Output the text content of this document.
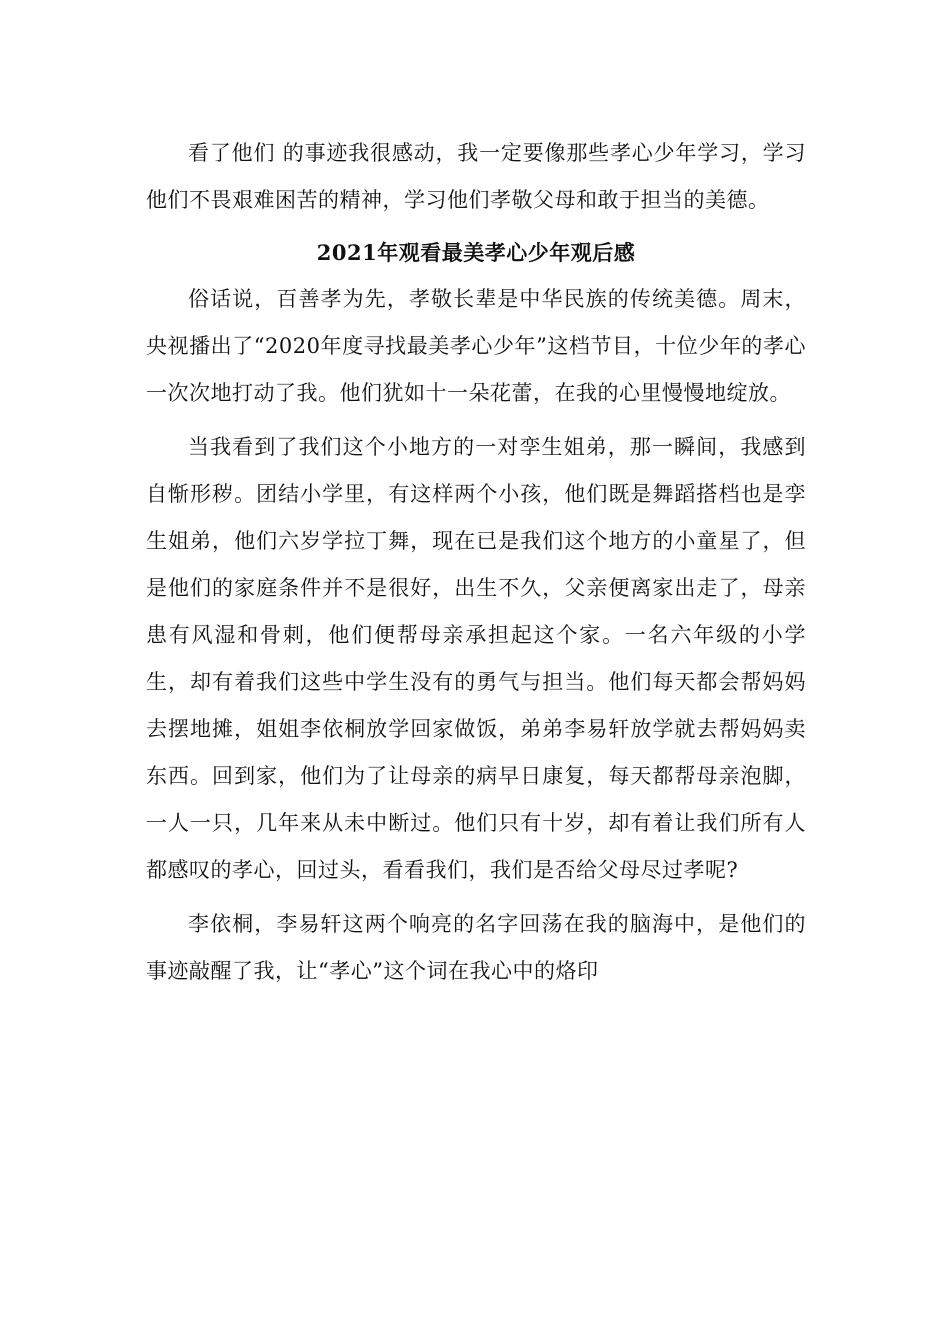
看了他们 的事迹我很感动，我一定要像那些孝心少年学习，学习他们不畏艰难困苦的精神，学习他们孝敬父母和敢于担当的美德。

2021年观看最美孝心少年观后感

俗话说，百善孝为先，孝敬长辈是中华民族的传统美德。周末，央视播出了“2020年度寻找最美孝心少年”这档节目，十位少年的孝心一次次地打动了我。他们犹如十一朵花蕾，在我的心里慢慢地绽放。

当我看到了我们这个小地方的一对孪生姐弟，那一瞬间，我感到自惭形秽。团结小学里，有这样两个小孩，他们既是舞蹈搭档也是孪生姐弟，他们六岁学拉丁舞，现在已是我们这个地方的小童星了，但是他们的家庭条件并不是很好，出生不久，父亲便离家出走了，母亲患有风湿和骨刺，他们便帮母亲承担起这个家。一名六年级的小学生，却有着我们这些中学生没有的勇气与担当。他们每天都会帮妈妈去摆地摊，姐姐李依桐放学回家做饭，弟弟李易轩放学就去帮妈妈卖东西。回到家，他们为了让母亲的病早日康复，每天都帮母亲泡脚，一人一只，几年来从未中断过。他们只有十岁，却有着让我们所有人都感叹的孝心，回过头，看看我们，我们是否给父母尽过孝呢?

李依桐，李易轩这两个响亮的名字回荡在我的脑海中，是他们的事迹敲醒了我，让“孝心”这个词在我心中的烙印
